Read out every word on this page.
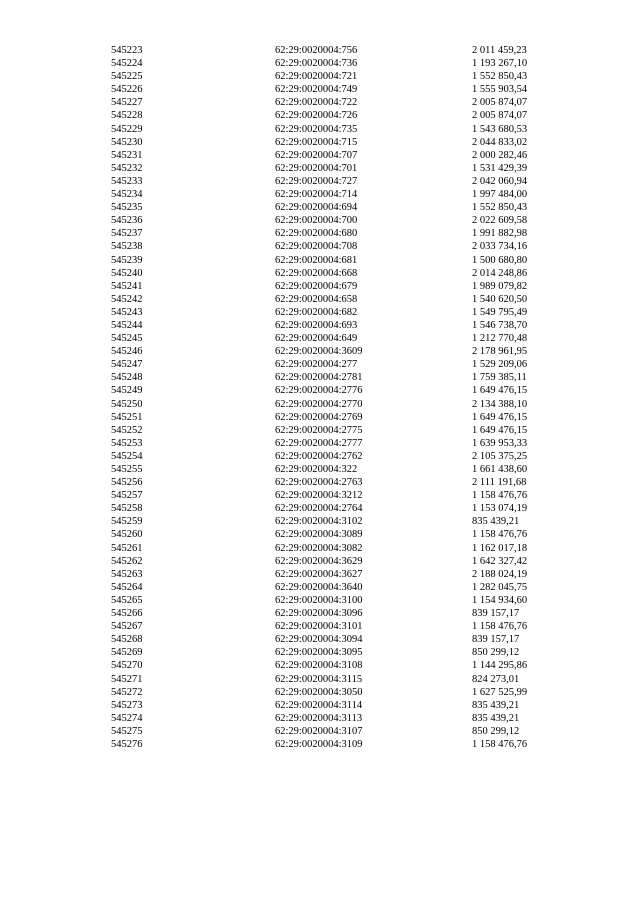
545223	62:29:0020004:756	2 011 459,23
545224	62:29:0020004:736	1 193 267,10
545225	62:29:0020004:721	1 552 850,43
545226	62:29:0020004:749	1 555 903,54
545227	62:29:0020004:722	2 005 874,07
545228	62:29:0020004:726	2 005 874,07
545229	62:29:0020004:735	1 543 680,53
545230	62:29:0020004:715	2 044 833,02
545231	62:29:0020004:707	2 000 282,46
545232	62:29:0020004:701	1 531 429,39
545233	62:29:0020004:727	2 042 060,94
545234	62:29:0020004:714	1 997 484,00
545235	62:29:0020004:694	1 552 850,43
545236	62:29:0020004:700	2 022 609,58
545237	62:29:0020004:680	1 991 882,98
545238	62:29:0020004:708	2 033 734,16
545239	62:29:0020004:681	1 500 680,80
545240	62:29:0020004:668	2 014 248,86
545241	62:29:0020004:679	1 989 079,82
545242	62:29:0020004:658	1 540 620,50
545243	62:29:0020004:682	1 549 795,49
545244	62:29:0020004:693	1 546 738,70
545245	62:29:0020004:649	1 212 770,48
545246	62:29:0020004:3609	2 178 961,95
545247	62:29:0020004:277	1 529 209,06
545248	62:29:0020004:2781	1 759 385,11
545249	62:29:0020004:2776	1 649 476,15
545250	62:29:0020004:2770	2 134 388,10
545251	62:29:0020004:2769	1 649 476,15
545252	62:29:0020004:2775	1 649 476,15
545253	62:29:0020004:2777	1 639 953,33
545254	62:29:0020004:2762	2 105 375,25
545255	62:29:0020004:322	1 661 438,60
545256	62:29:0020004:2763	2 111 191,68
545257	62:29:0020004:3212	1 158 476,76
545258	62:29:0020004:2764	1 153 074,19
545259	62:29:0020004:3102	835 439,21
545260	62:29:0020004:3089	1 158 476,76
545261	62:29:0020004:3082	1 162 017,18
545262	62:29:0020004:3629	1 642 327,42
545263	62:29:0020004:3627	2 188 024,19
545264	62:29:0020004:3640	1 282 045,75
545265	62:29:0020004:3100	1 154 934,60
545266	62:29:0020004:3096	839 157,17
545267	62:29:0020004:3101	1 158 476,76
545268	62:29:0020004:3094	839 157,17
545269	62:29:0020004:3095	850 299,12
545270	62:29:0020004:3108	1 144 295,86
545271	62:29:0020004:3115	824 273,01
545272	62:29:0020004:3050	1 627 525,99
545273	62:29:0020004:3114	835 439,21
545274	62:29:0020004:3113	835 439,21
545275	62:29:0020004:3107	850 299,12
545276	62:29:0020004:3109	1 158 476,76
